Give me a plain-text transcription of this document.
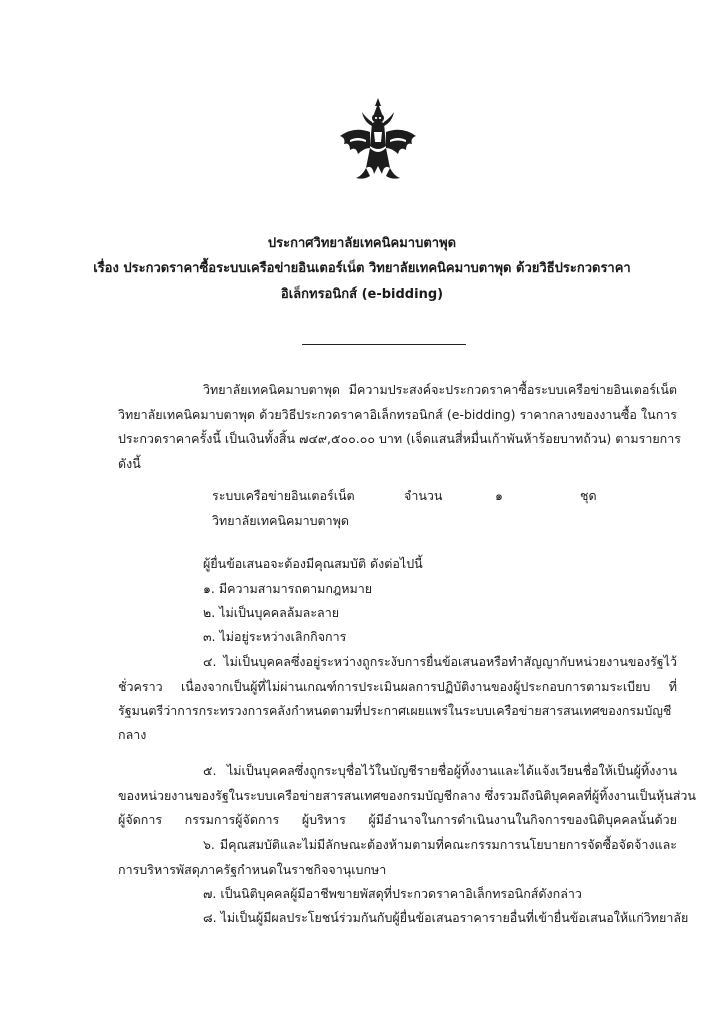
ประกาศวิทยาลัยเทคนิคมาบตาพุด
เรื่อง ประกวดราคาซื้อระบบเครือข่ายอินเตอร์เน็ต วิทยาลัยเทคนิคมาบตาพุด ด้วยวิธีประกวดราคา
อิเล็กทรอนิกส์ (e-bidding)
วิทยาลัยเทคนิคมาบตาพุด มีความประสงค์จะประกวดราคาซื้อระบบเครือข่ายอินเตอร์เน็ต
วิทยาลัยเทคนิคมาบตาพุด ด้วยวิธีประกวดราคาอิเล็กทรอนิกส์ (e-bidding) ราคากลางของงานซื้อ ในการ
ประกวดราคาครั้งนี้ เป็นเงินทั้งสิ้น ๗๔๙,๕๐๐.๐๐ บาท (เจ็ดแสนสี่หมื่นเก้าพันห้าร้อยบาทถ้วน) ตามรายการ
ดังนี้
ระบบเครือข่ายอินเตอร์เน็ต	จำนวน	๑	ชุด
วิทยาลัยเทคนิคมาบตาพุด
ผู้ยื่นข้อเสนอจะต้องมีคุณสมบัติ ดังต่อไปนี้
๑. มีความสามารถตามกฎหมาย
๒. ไม่เป็นบุคคลล้มละลาย
๓. ไม่อยู่ระหว่างเลิกกิจการ
๔. ไม่เป็นบุคคลซึ่งอยู่ระหว่างถูกระงับการยื่นข้อเสนอหรือทำสัญญากับหน่วยงานของรัฐไว้
ชั่วคราว เนื่องจากเป็นผู้ที่ไม่ผ่านเกณฑ์การประเมินผลการปฏิบัติงานของผู้ประกอบการตามระเบียบ ที่
รัฐมนตรีว่าการกระทรวงการคลังกำหนดตามที่ประกาศเผยแพร่ในระบบเครือข่ายสารสนเทศของกรมบัญชี
กลาง
๕. ไม่เป็นบุคคลซึ่งถูกระบุชื่อไว้ในบัญชีรายชื่อผู้ทิ้งงานและได้แจ้งเวียนชื่อให้เป็นผู้ทิ้งงาน
ของหน่วยงานของรัฐในระบบเครือข่ายสารสนเทศของกรมบัญชีกลาง ซึ่งรวมถึงนิติบุคคลที่ผู้ทิ้งงานเป็นหุ้นส่วน
ผู้จัดการ กรรมการผู้จัดการ ผู้บริหาร ผู้มีอำนาจในการดำเนินงานในกิจการของนิติบุคคลนั้นด้วย
๖. มีคุณสมบัติและไม่มีลักษณะต้องห้ามตามที่คณะกรรมการนโยบายการจัดซื้อจัดจ้างและ
การบริหารพัสดุภาครัฐกำหนดในราชกิจจานุเบกษา
๗. เป็นนิติบุคคลผู้มีอาชีพขายพัสดุที่ประกวดราคาอิเล็กทรอนิกส์ดังกล่าว
๘. ไม่เป็นผู้มีผลประโยชน์ร่วมกันกับผู้ยื่นข้อเสนอราคารายอื่นที่เข้ายื่นข้อเสนอให้แก่วิทยาลัย
